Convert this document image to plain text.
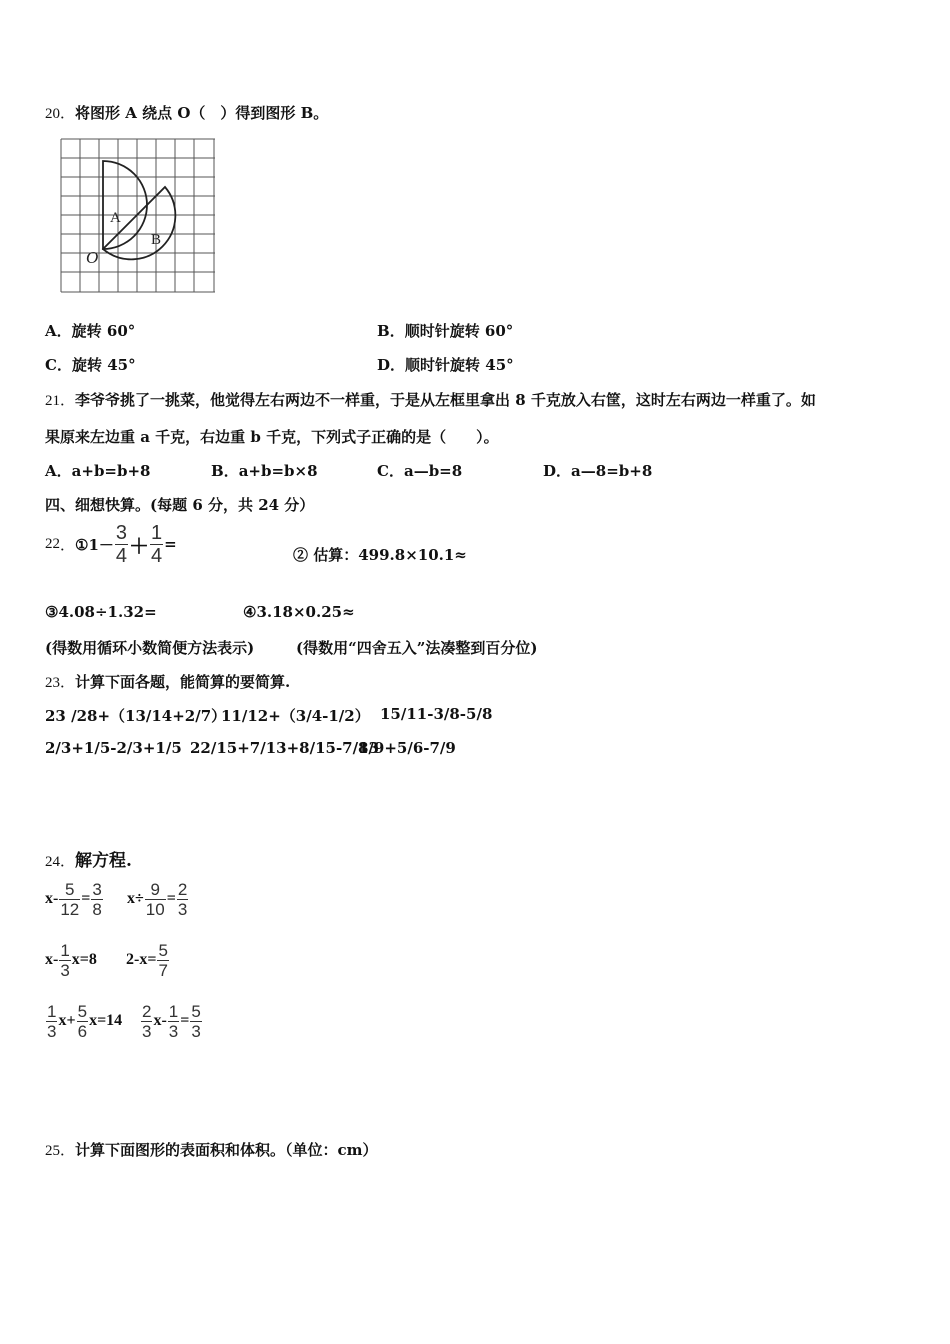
20．将图形 A 绕点 O（　）得到图形 B。
A
B
O
A．旋转 60°	B．顺时针旋转 60°
C．旋转 45°	D．顺时针旋转 45°
21．李爷爷挑了一挑菜，他觉得左右两边不一样重，于是从左框里拿出 8 千克放入右筐，这时左右两边一样重了。如
果原来左边重 a 千克，右边重 b 千克，下列式子正确的是（　　）。
A．a+b=b+8	B．a+b=b×8	C．a—b=8	D．a—8=b+8
四、细想快算。(每题 6 分，共 24 分）
22 ． ①1－ $\frac{3}{4} + \frac{1}{4}$ =
② 估算：499.8×10.1≈
③4.08÷1.32=	④3.18×0.25≈
(得数用循环小数简便方法表示)	(得数用“四舍五入”法凑整到百分位)
23．计算下面各题，能简算的要简算.
23 /28+（13/14+2/7）
11/12+（3/4-1/2） 15/11-3/8-5/8
2/3+1/5-2/3+1/5 22/15+7/13+8/15-7/13
8/9+5/6-7/9
24．解方程.
$x- \frac{5}{12} = \frac{3}{8} x\div \frac{9}{10} = \frac{2}{3}$
$x- \frac{1}{3} x=8$ $2-x= \frac{5}{7}$
$\frac{1}{3} x+ \frac{5}{6} x=14 \frac{2}{3} x- \frac{1}{3} = \frac{5}{3}$
25．计算下面图形的表面积和体积。（单位：cm）
